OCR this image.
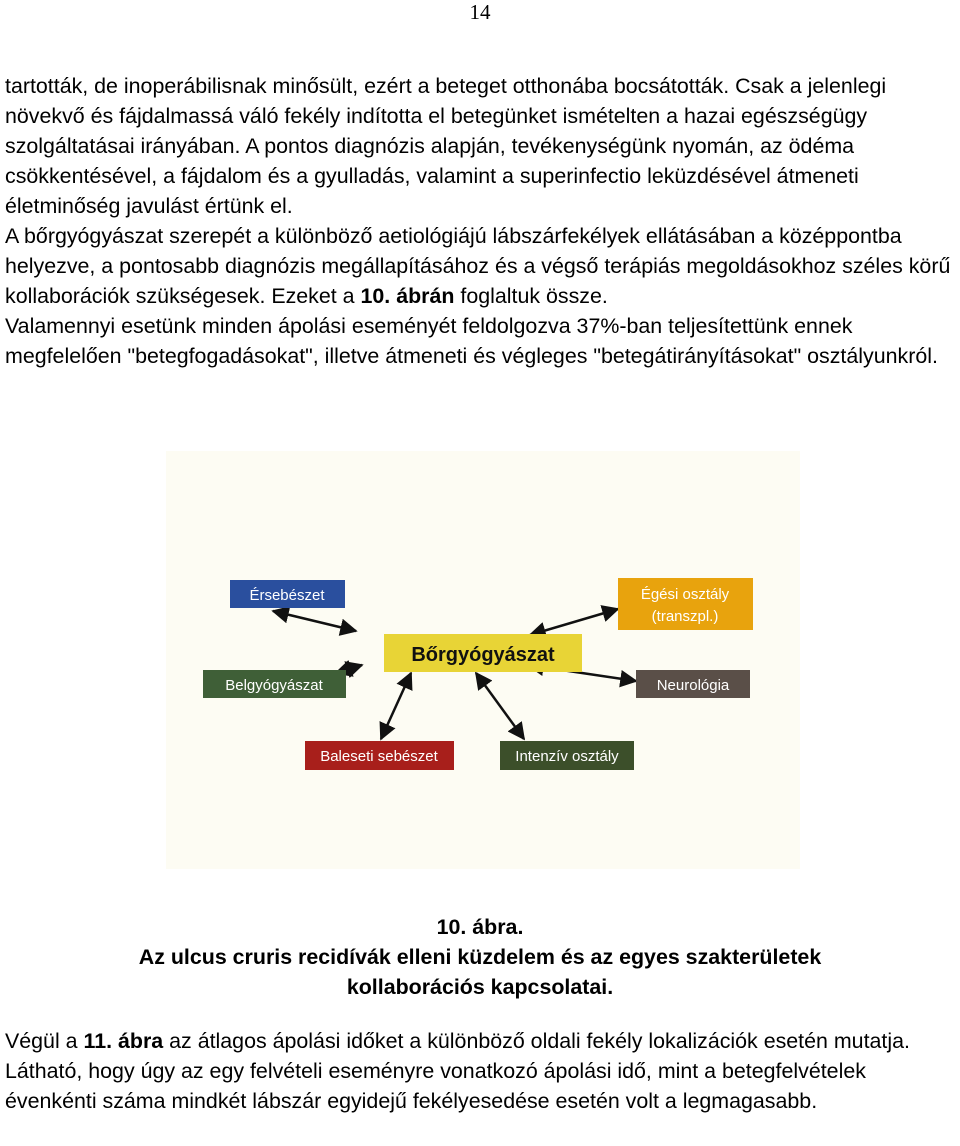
14

tartották, de inoperábilisnak minősült, ezért a beteget otthonába bocsátották. Csak a jelenlegi növekvő és fájdalmassá váló fekély indította el betegünket ismételten a hazai egészségügy szolgáltatásai irányában. A pontos diagnózis alapján, tevékenységünk nyomán, az ödéma csökkentésével, a fájdalom és a gyulladás, valamint a superinfectio leküzdésével átmeneti életminőség javulást értünk el.
A bőrgyógyászat szerepét a különböző aetiológiájú lábszárfekélyek ellátásában a középpontba helyezve, a pontosabb diagnózis megállapításához és a végső terápiás megoldásokhoz széles körű kollaborációk szükségesek. Ezeket a 10. ábrán foglaltuk össze.
Valamennyi esetünk minden ápolási eseményét feldolgozva 37%-ban teljesítettünk ennek megfelelően "betegfogadásokat", illetve átmeneti és végleges "betegátirányításokat" osztályunkról.

Bőrgyógyászat
Érsebészet	Égési osztály
(transzpl.)
Belgyógyászat	Neurológia
Baleseti sebészet	Intenzív osztály
10. ábra.
Az ulcus cruris recidívák elleni küzdelem és az egyes szakterületek
kollaborációs kapcsolatai.

Végül a 11. ábra az átlagos ápolási időket a különböző oldali fekély lokalizációk esetén mutatja. Látható, hogy úgy az egy felvételi eseményre vonatkozó ápolási idő, mint a betegfelvételek évenkénti száma mindkét lábszár egyidejű fekélyesedése esetén volt a legmagasabb.
